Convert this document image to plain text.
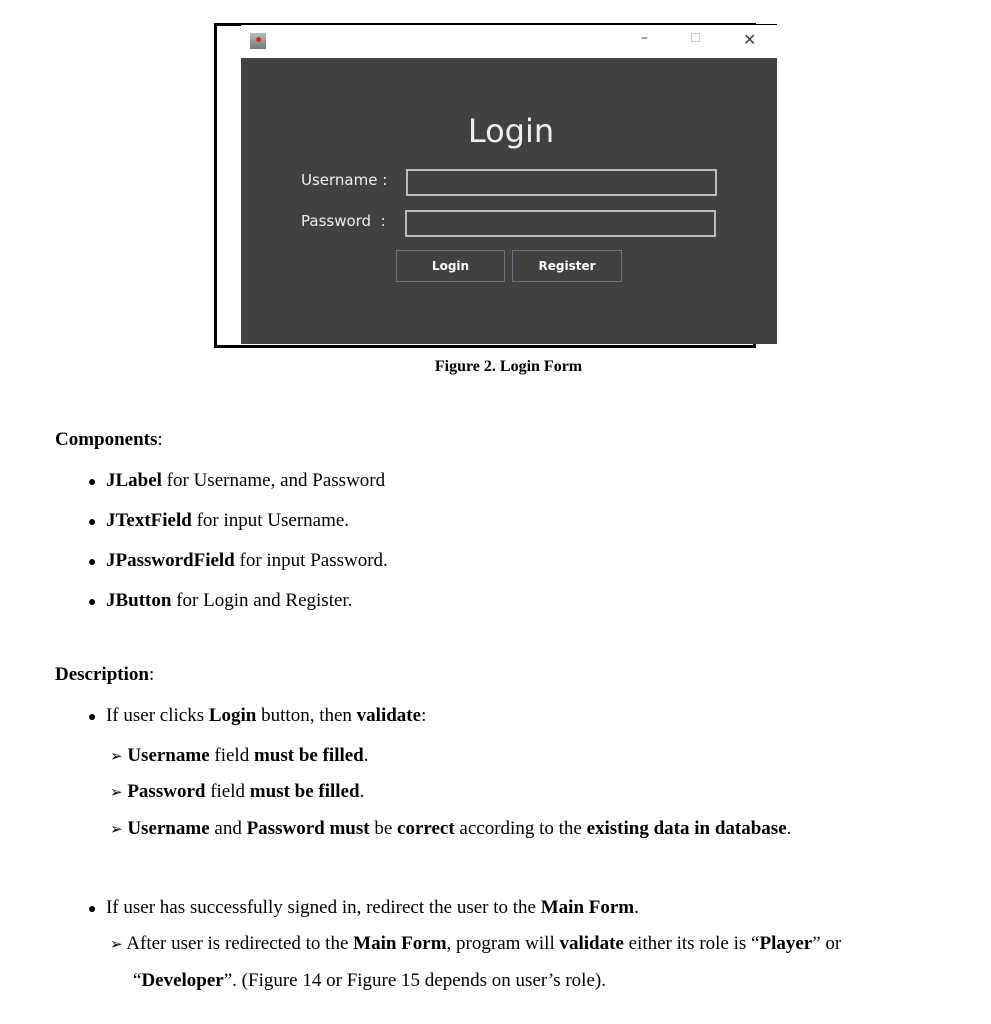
–	☐	✕
Login
Username :
Password  :
Login	Register
Figure 2. Login Form
Components:
● JLabel for Username, and Password
● JTextField for input Username.
● JPasswordField for input Password.
● JButton for Login and Register.
Description:
● If user clicks Login button, then validate:
➢ Username field must be filled.
➢ Password field must be filled.
➢ Username and Password must be correct according to the existing data in database.
● If user has successfully signed in, redirect the user to the Main Form.
➢ After user is redirected to the Main Form, program will validate either its role is “Player” or
“Developer”. (Figure 14 or Figure 15 depends on user’s role).
